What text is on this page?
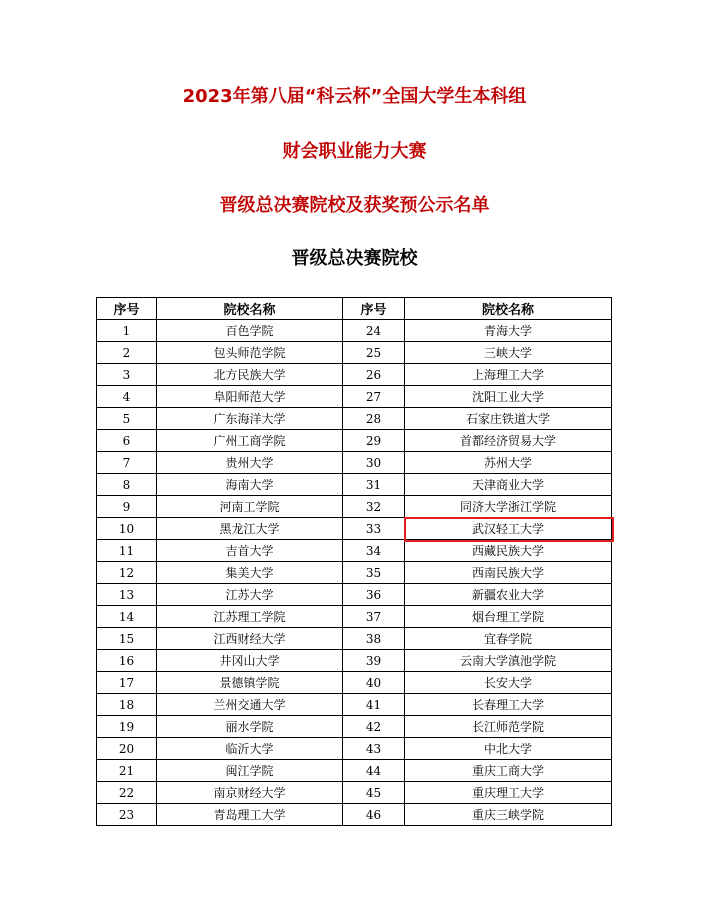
2023年第八届“科云杯”全国大学生本科组
财会职业能力大赛
晋级总决赛院校及获奖预公示名单
晋级总决赛院校
序号	院校名称	序号	院校名称
1	百色学院	24	青海大学
2	包头师范学院	25	三峡大学
3	北方民族大学	26	上海理工大学
4	阜阳师范大学	27	沈阳工业大学
5	广东海洋大学	28	石家庄铁道大学
6	广州工商学院	29	首都经济贸易大学
7	贵州大学	30	苏州大学
8	海南大学	31	天津商业大学
9	河南工学院	32	同济大学浙江学院
10	黑龙江大学	33	武汉轻工大学
11	吉首大学	34	西藏民族大学
12	集美大学	35	西南民族大学
13	江苏大学	36	新疆农业大学
14	江苏理工学院	37	烟台理工学院
15	江西财经大学	38	宜春学院
16	井冈山大学	39	云南大学滇池学院
17	景德镇学院	40	长安大学
18	兰州交通大学	41	长春理工大学
19	丽水学院	42	长江师范学院
20	临沂大学	43	中北大学
21	闽江学院	44	重庆工商大学
22	南京财经大学	45	重庆理工大学
23	青岛理工大学	46	重庆三峡学院
